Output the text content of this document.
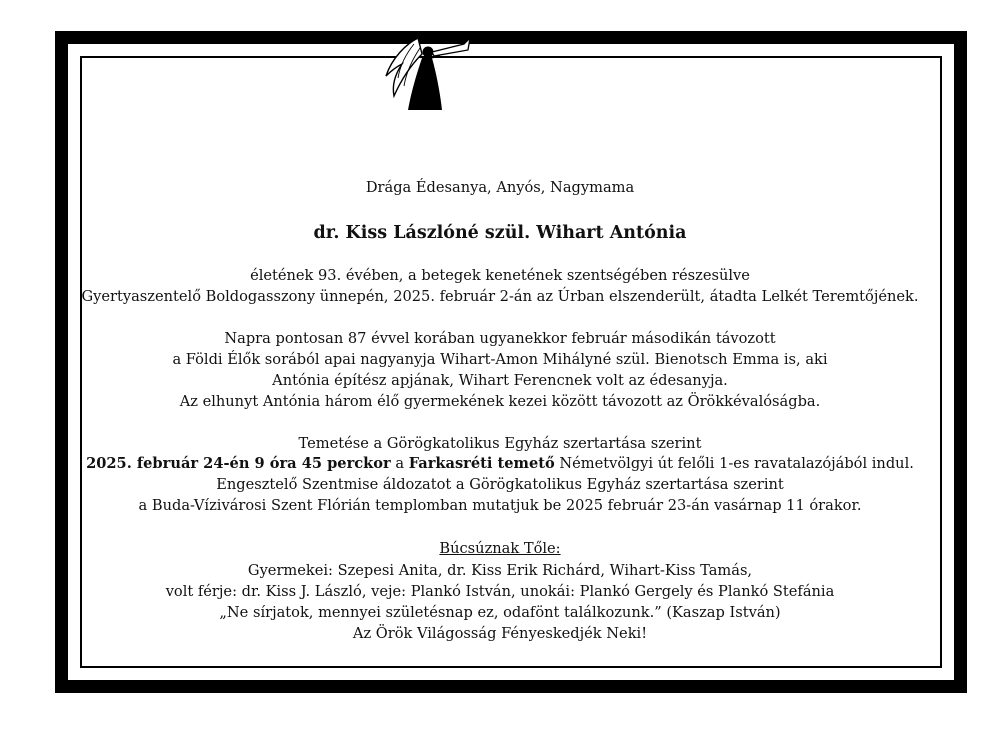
Drága Édesanya, Anyós, Nagymama
dr. Kiss Lászlóné szül. Wihart Antónia
életének 93. évében, a betegek kenetének szentségében részesülve
Gyertyaszentelő Boldogasszony ünnepén, 2025. február 2-án az Úrban elszenderült, átadta Lelkét Teremtőjének.
Napra pontosan 87 évvel korában ugyanekkor február másodikán távozott
a Földi Élők sorából apai nagyanyja Wihart-Amon Mihályné szül. Bienotsch Emma is, aki
Antónia építész apjának, Wihart Ferencnek volt az édesanyja.
Az elhunyt Antónia három élő gyermekének kezei között távozott az Örökkévalóságba.
Temetése a Görögkatolikus Egyház szertartása szerint
2025. február 24-én 9 óra 45 perckor a Farkasréti temető Németvölgyi út felőli 1-es ravatalazójából indul.
Engesztelő Szentmise áldozatot a Görögkatolikus Egyház szertartása szerint
a Buda-Vízivárosi Szent Flórián templomban mutatjuk be 2025 február 23-án vasárnap 11 órakor.
Búcsúznak Tőle:
Gyermekei: Szepesi Anita, dr. Kiss Erik Richárd, Wihart-Kiss Tamás,
volt férje: dr. Kiss J. László, veje: Plankó István, unokái: Plankó Gergely és Plankó Stefánia
„Ne sírjatok, mennyei születésnap ez, odafönt találkozunk.” (Kaszap István)
Az Örök Világosság Fényeskedjék Neki!
